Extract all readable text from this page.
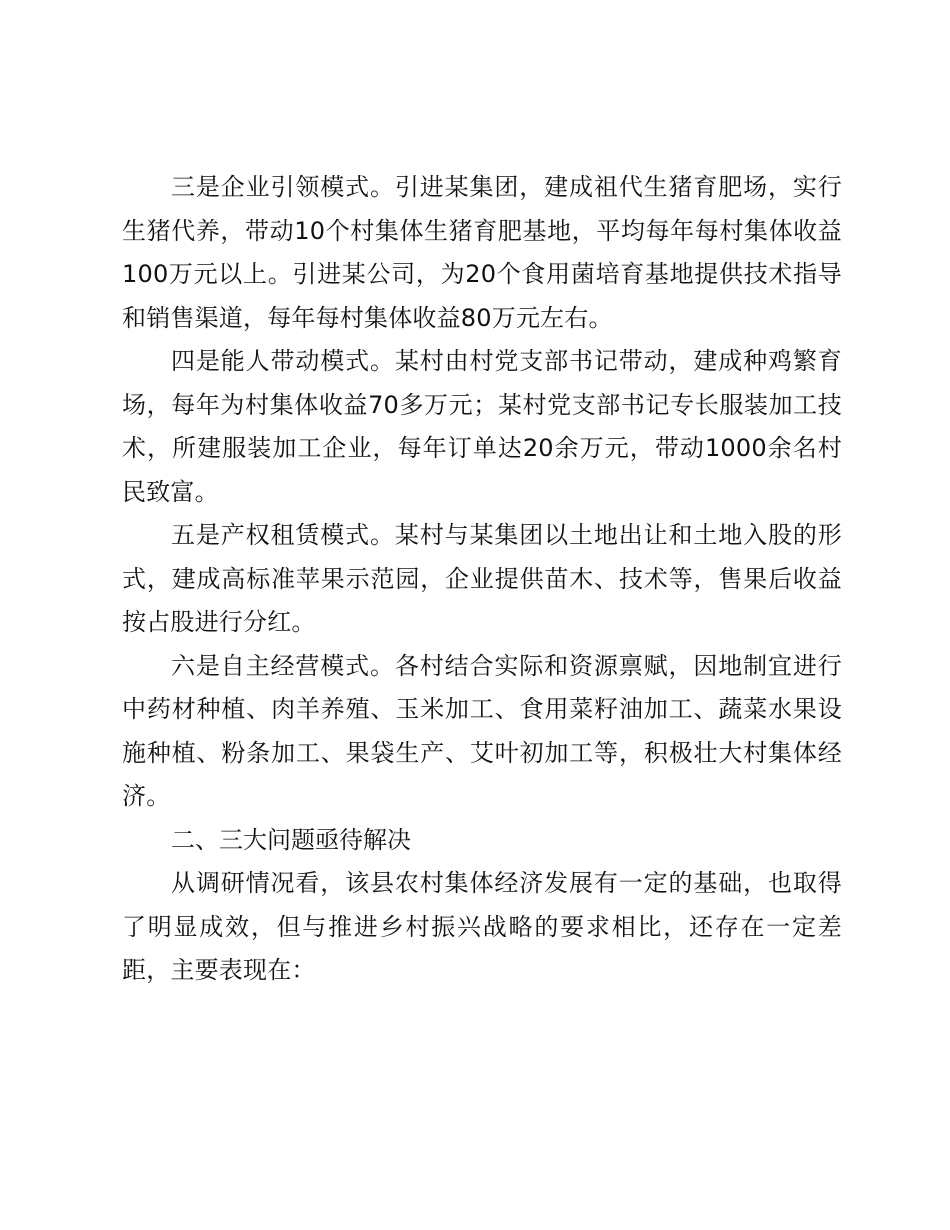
三是企业引领模式。引进某集团，建成祖代生猪育肥场，实行生猪代养，带动10个村集体生猪育肥基地，平均每年每村集体收益100万元以上。引进某公司，为20个食用菌培育基地提供技术指导和销售渠道，每年每村集体收益80万元左右。

四是能人带动模式。某村由村党支部书记带动，建成种鸡繁育场，每年为村集体收益70多万元；某村党支部书记专长服装加工技术，所建服装加工企业，每年订单达20余万元，带动1000余名村民致富。

五是产权租赁模式。某村与某集团以土地出让和土地入股的形式，建成高标准苹果示范园，企业提供苗木、技术等，售果后收益按占股进行分红。

六是自主经营模式。各村结合实际和资源禀赋，因地制宜进行中药材种植、肉羊养殖、玉米加工、食用菜籽油加工、蔬菜水果设施种植、粉条加工、果袋生产、艾叶初加工等，积极壮大村集体经济。

二、三大问题亟待解决

从调研情况看，该县农村集体经济发展有一定的基础，也取得了明显成效，但与推进乡村振兴战略的要求相比，还存在一定差距，主要表现在：
